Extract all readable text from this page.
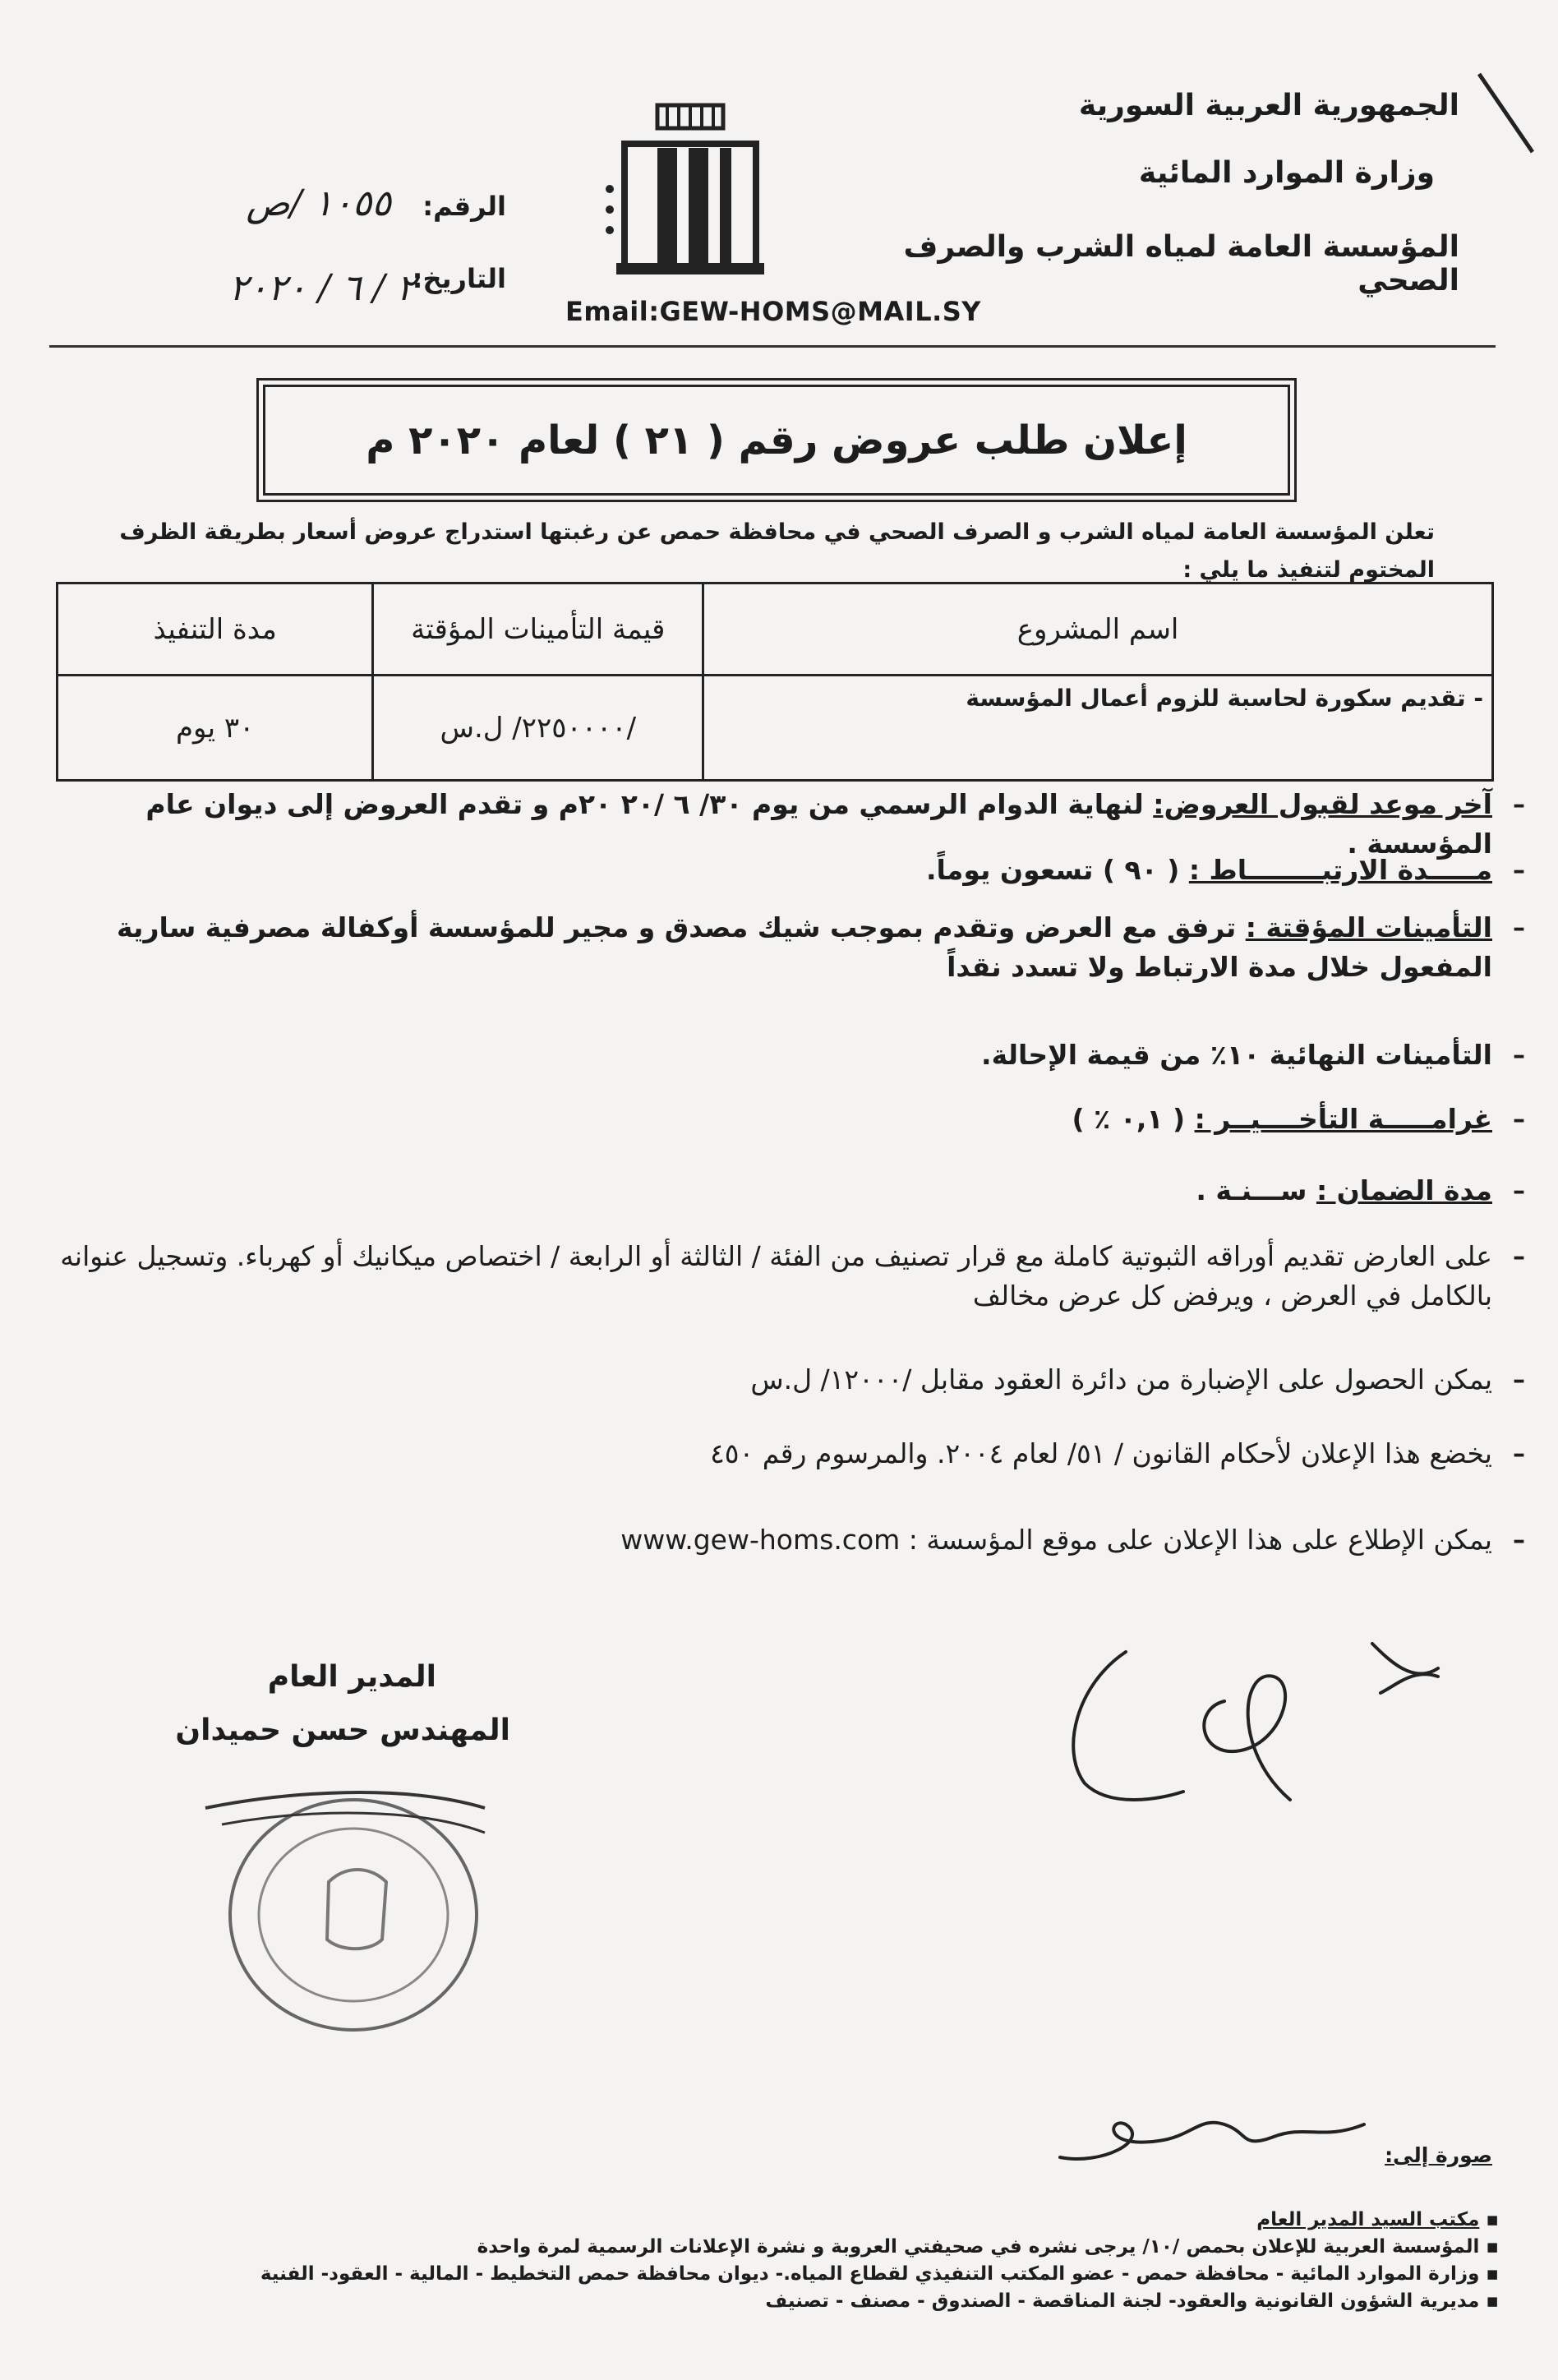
الجمهورية العربية السورية
وزارة الموارد المائية
المؤسسة العامة لمياه الشرب والصرف الصحي
Email:GEW-HOMS@MAIL.SY
الرقم:
١٠٥٥ /ص
التاريخ:
٢ / ٦ / ٢٠٢٠
إعلان طلب عروض رقم ( ٢١ ) لعام ٢٠٢٠ م
تعلن المؤسسة العامة لمياه الشرب و الصرف الصحي في محافظة حمص عن رغبتها استدراج عروض أسعار بطريقة الظرف المختوم لتنفيذ ما يلي :
اسم المشروع	قيمة التأمينات المؤقتة	مدة التنفيذ
- تقديم سكورة لحاسبة للزوم أعمال المؤسسة	/٢٢٥٠٠٠٠/ ل.س	٣٠ يوم
آخر موعد لقبول العروض: لنهاية الدوام الرسمي من يوم ٣٠/ ٦ /٢٠ ٢٠م و تقدم العروض إلى ديوان عام المؤسسة .
مـــــدة الارتبــــــــاط : ( ٩٠ ) تسعون يوماً.
التأمينات المؤقتة : ترفق مع العرض وتقدم بموجب شيك مصدق و مجير للمؤسسة أوكفالة مصرفية سارية المفعول خلال مدة الارتباط ولا تسدد نقداً
التأمينات النهائية ١٠٪ من قيمة الإحالة.
غرامـــــة التأخــــيــر : ( ٠,١ ٪ )
مدة الضمان : ســـنـة .
على العارض تقديم أوراقه الثبوتية كاملة مع قرار تصنيف من الفئة / الثالثة أو الرابعة / اختصاص ميكانيك أو كهرباء. وتسجيل عنوانه بالكامل في العرض ، ويرفض كل عرض مخالف
يمكن الحصول على الإضبارة من دائرة العقود مقابل /١٢٠٠٠/ ل.س
يخضع هذا الإعلان لأحكام القانون / ٥١/ لعام ٢٠٠٤. والمرسوم رقم ٤٥٠
يمكن الإطلاع على هذا الإعلان على موقع المؤسسة : www.gew-homs.com
–
–
–
–
–
–
–
–
–
–
المدير العام
المهندس حسن حميدان
صورة إلى:
▪ مكتب السيد المدير العام
▪ المؤسسة العربية للإعلان بحمص /١٠/ يرجى نشره في صحيفتي العروبة و نشرة الإعلانات الرسمية لمرة واحدة
▪ وزارة الموارد المائية - محافظة حمص - عضو المكتب التنفيذي لقطاع المياه.- ديوان محافظة حمص التخطيط - المالية - العقود- الفنية
▪ مديرية الشؤون القانونية والعقود- لجنة المناقصة - الصندوق - مصنف - تصنيف
